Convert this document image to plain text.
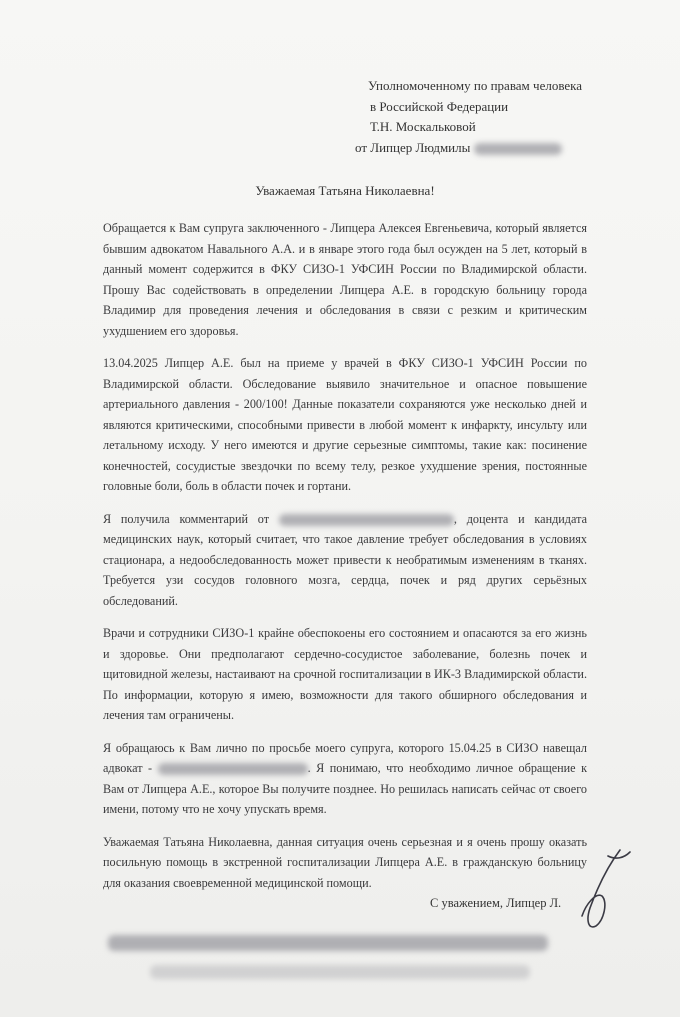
Уполномоченному по правам человека
в Российской Федерации
Т.Н. Москальковой
от Липцер Людмилы
Уважаемая Татьяна Николаевна!

Обращается к Вам супруга заключенного - Липцера Алексея Евгеньевича, который является бывшим адвокатом Навального А.А. и в январе этого года был осужден на 5 лет, который в данный момент содержится в ФКУ СИЗО-1 УФСИН России по Владимирской области. Прошу Вас содействовать в определении Липцера А.Е. в городскую больницу города Владимир для проведения лечения и обследования в связи с резким и критическим ухудшением его здоровья.

13.04.2025 Липцер А.Е. был на приеме у врачей в ФКУ СИЗО-1 УФСИН России по Владимирской области. Обследование выявило значительное и опасное повышение артериального давления - 200/100! Данные показатели сохраняются уже несколько дней и являются критическими, способными привести в любой момент к инфаркту, инсульту или летальному исходу. У него имеются и другие серьезные симптомы, такие как: посинение конечностей, сосудистые звездочки по всему телу, резкое ухудшение зрения, постоянные головные боли, боль в области почек и гортани.

Я получила комментарий от	, доцента и кандидата медицинских наук, который считает, что такое давление требует обследования в условиях стационара, а недообследованность может привести к необратимым изменениям в тканях. Требуется узи сосудов головного мозга, сердца, почек и ряд других серьёзных обследований.

Врачи и сотрудники СИЗО-1 крайне обеспокоены его состоянием и опасаются за его жизнь и здоровье. Они предполагают сердечно-сосудистое заболевание, болезнь почек и щитовидной железы, настаивают на срочной госпитализации в ИК-3 Владимирской области. По информации, которую я имею, возможности для такого обширного обследования и лечения там ограничены.

Я обращаюсь к Вам лично по просьбе моего супруга, которого 15.04.25 в СИЗО навещал адвокат -	. Я понимаю, что необходимо личное обращение к Вам от Липцера А.Е., которое Вы получите позднее. Но решилась написать сейчас от своего имени, потому что не хочу упускать время.

Уважаемая Татьяна Николаевна, данная ситуация очень серьезная и я очень прошу оказать посильную помощь в экстренной госпитализации Липцера А.Е. в гражданскую больницу для оказания своевременной медицинской помощи.

С уважением, Липцер Л.
